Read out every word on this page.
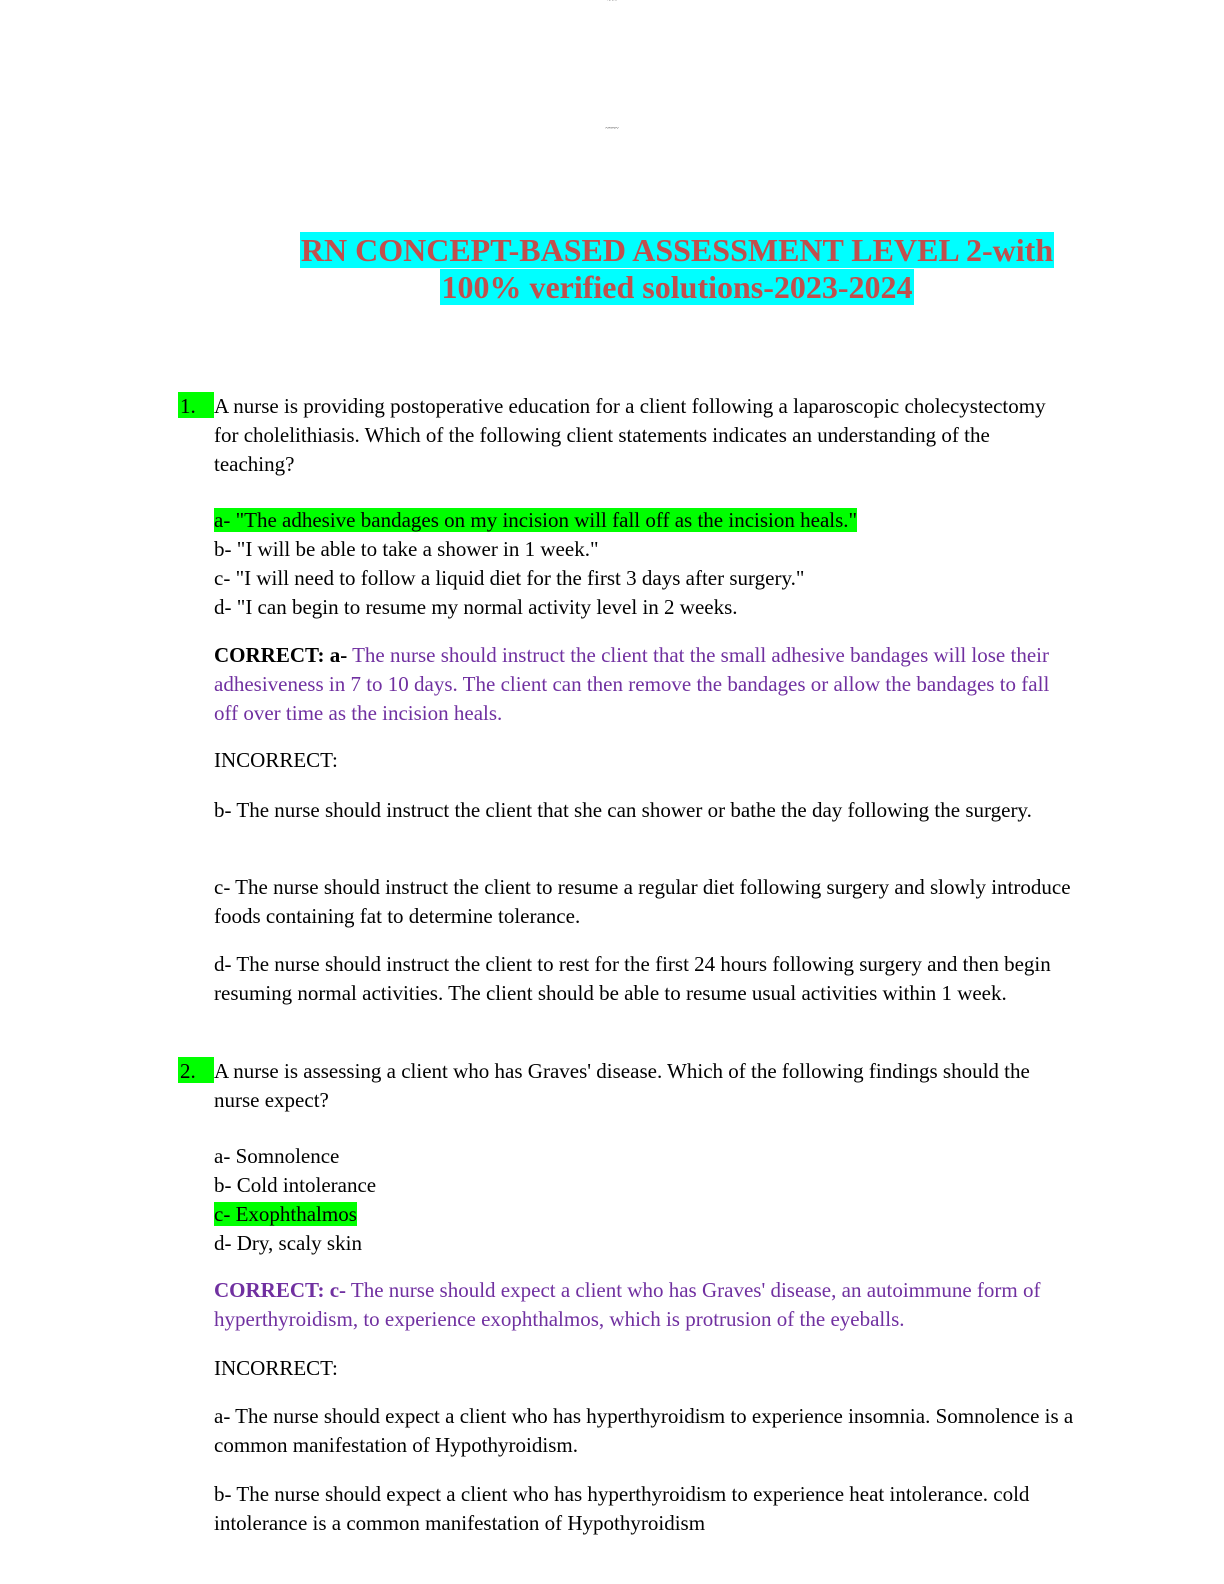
~~~
~~~~
RN CONCEPT-BASED ASSESSMENT LEVEL 2-with
100% verified solutions-2023-2024
1. A nurse is providing postoperative education for a client following a laparoscopic cholecystectomy for cholelithiasis. Which of the following client statements indicates an understanding of the teaching?

a- "The adhesive bandages on my incision will fall off as the incision heals."

b- "I will be able to take a shower in 1 week."

c- "I will need to follow a liquid diet for the first 3 days after surgery."

d- "I can begin to resume my normal activity level in 2 weeks.

CORRECT: a- The nurse should instruct the client that the small adhesive bandages will lose their adhesiveness in 7 to 10 days. The client can then remove the bandages or allow the bandages to fall off over time as the incision heals.

INCORRECT:
b- The nurse should instruct the client that she can shower or bathe the day following the surgery.
c- The nurse should instruct the client to resume a regular diet following surgery and slowly introduce foods containing fat to determine tolerance.
d- The nurse should instruct the client to rest for the first 24 hours following surgery and then begin resuming normal activities. The client should be able to resume usual activities within 1 week.
2. A nurse is assessing a client who has Graves' disease. Which of the following findings should the nurse expect?

a- Somnolence

b- Cold intolerance

c- Exophthalmos

d- Dry, scaly skin

CORRECT: c- The nurse should expect a client who has Graves' disease, an autoimmune form of hyperthyroidism, to experience exophthalmos, which is protrusion of the eyeballs.

INCORRECT:
a- The nurse should expect a client who has hyperthyroidism to experience insomnia. Somnolence is a common manifestation of Hypothyroidism.
b- The nurse should expect a client who has hyperthyroidism to experience heat intolerance. cold intolerance is a common manifestation of Hypothyroidism
